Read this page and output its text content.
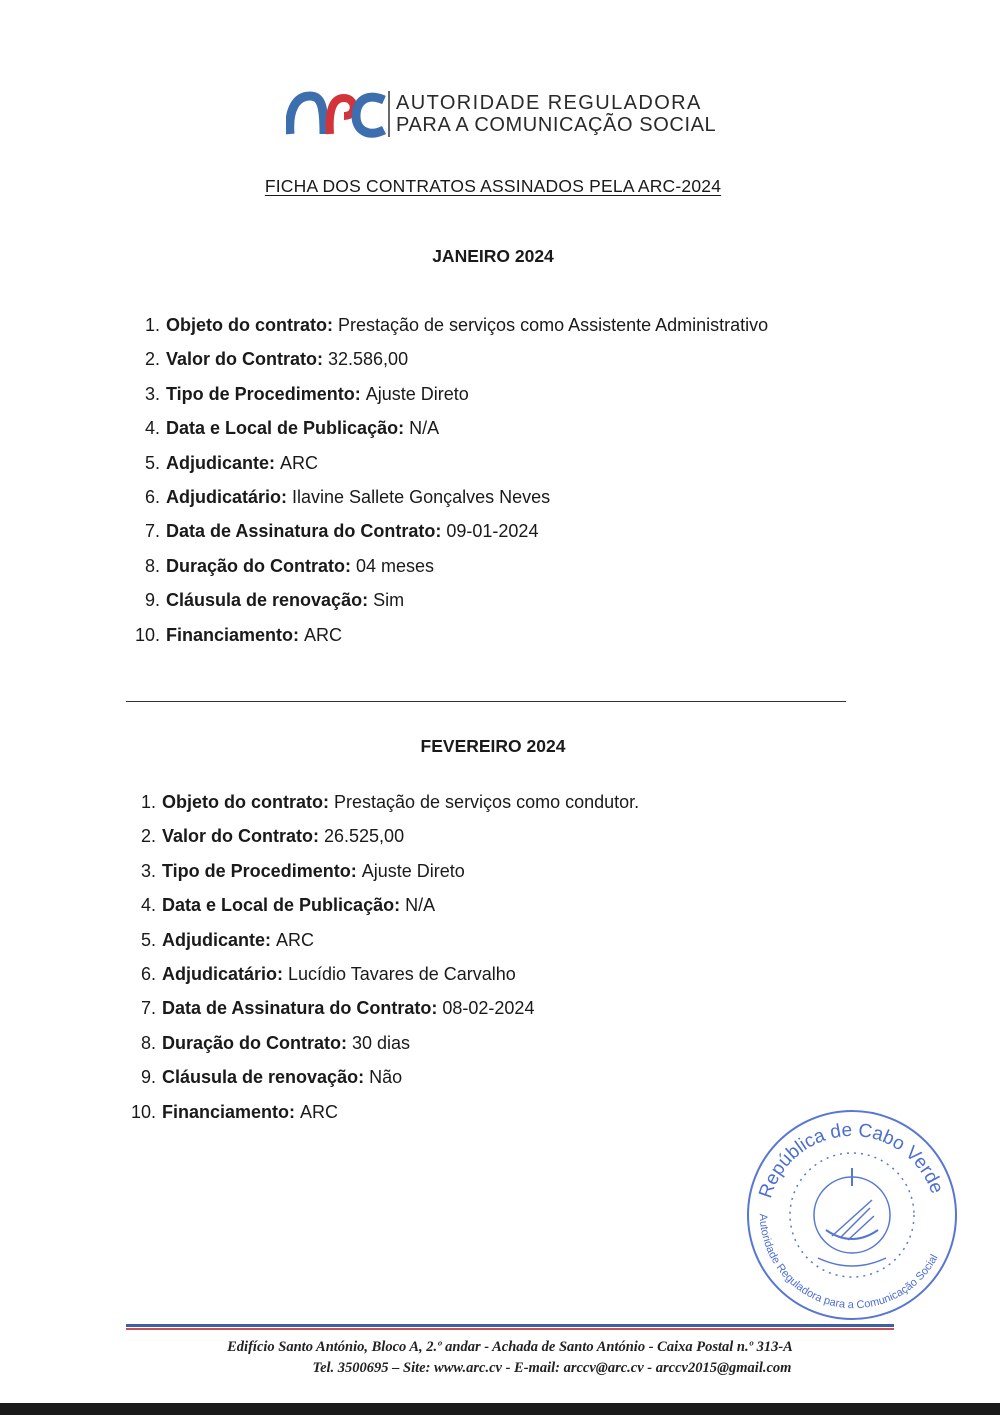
ARC
AUTORIDADE REGULADORA
PARA A COMUNICAÇÃO SOCIAL
FICHA DOS CONTRATOS ASSINADOS PELA ARC-2024
JANEIRO 2024
1. Objeto do contrato: Prestação de serviços como Assistente Administrativo
2. Valor do Contrato: 32.586,00
3. Tipo de Procedimento: Ajuste Direto
4. Data e Local de Publicação: N/A
5. Adjudicante: ARC
6. Adjudicatário: Ilavine Sallete Gonçalves Neves
7. Data de Assinatura do Contrato: 09-01-2024
8. Duração do Contrato: 04 meses
9. Cláusula de renovação: Sim
10. Financiamento: ARC
FEVEREIRO 2024
1. Objeto do contrato: Prestação de serviços como condutor.
2. Valor do Contrato: 26.525,00
3. Tipo de Procedimento: Ajuste Direto
4. Data e Local de Publicação: N/A
5. Adjudicante: ARC
6. Adjudicatário: Lucídio Tavares de Carvalho
7. Data de Assinatura do Contrato: 08-02-2024
8. Duração do Contrato: 30 dias
9. Cláusula de renovação: Não
10. Financiamento: ARC
República de Cabo Verde
Autoridade Reguladora para a Comunicação Social
Edifício Santo António, Bloco A, 2.º andar - Achada de Santo António - Caixa Postal n.º 313-A
Tel. 3500695 – Site: www.arc.cv - E-mail: arccv@arc.cv - arccv2015@gmail.com
